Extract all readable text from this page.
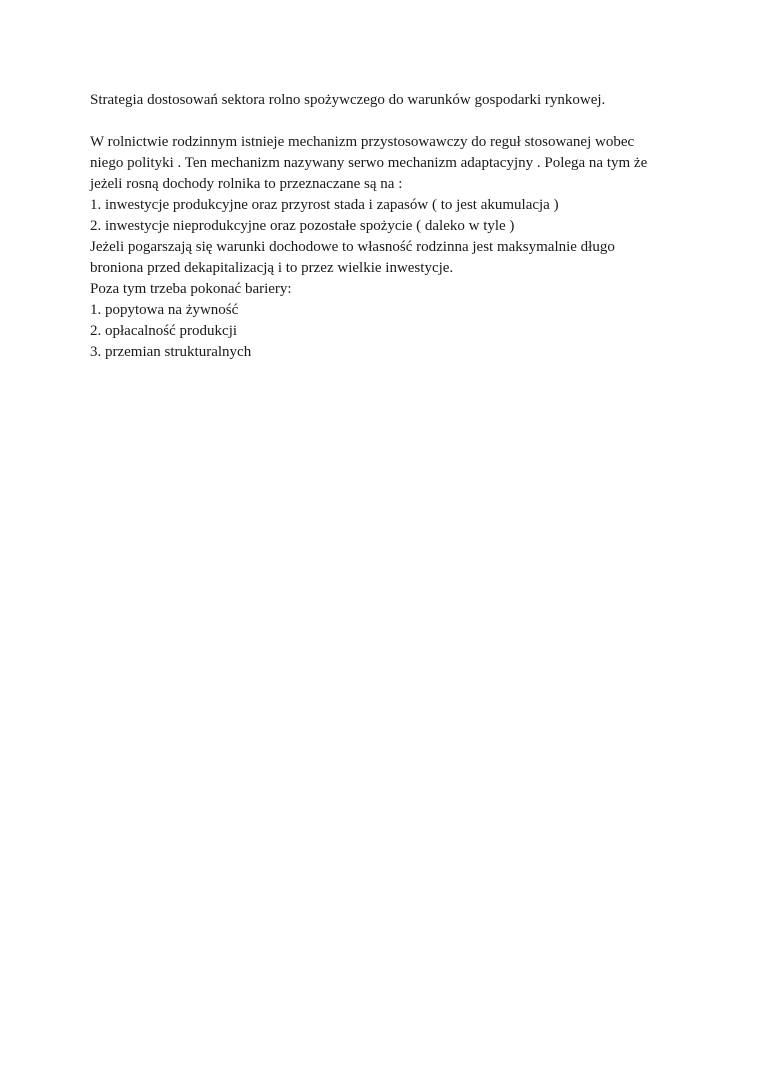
Strategia dostosowań sektora rolno spożywczego do warunków gospodarki rynkowej.
W rolnictwie rodzinnym istnieje mechanizm przystosowawczy do reguł stosowanej wobec
niego polityki . Ten mechanizm nazywany serwo mechanizm adaptacyjny . Polega na tym że
jeżeli rosną dochody rolnika to przeznaczane są na :
1. inwestycje produkcyjne oraz przyrost stada i zapasów ( to jest akumulacja )
2. inwestycje nieprodukcyjne oraz pozostałe spożycie ( daleko w tyle )
Jeżeli pogarszają się warunki dochodowe to własność rodzinna jest maksymalnie długo
broniona przed dekapitalizacją i to przez wielkie inwestycje.
Poza tym trzeba pokonać bariery:
1. popytowa na żywność
2. opłacalność produkcji
3. przemian strukturalnych
